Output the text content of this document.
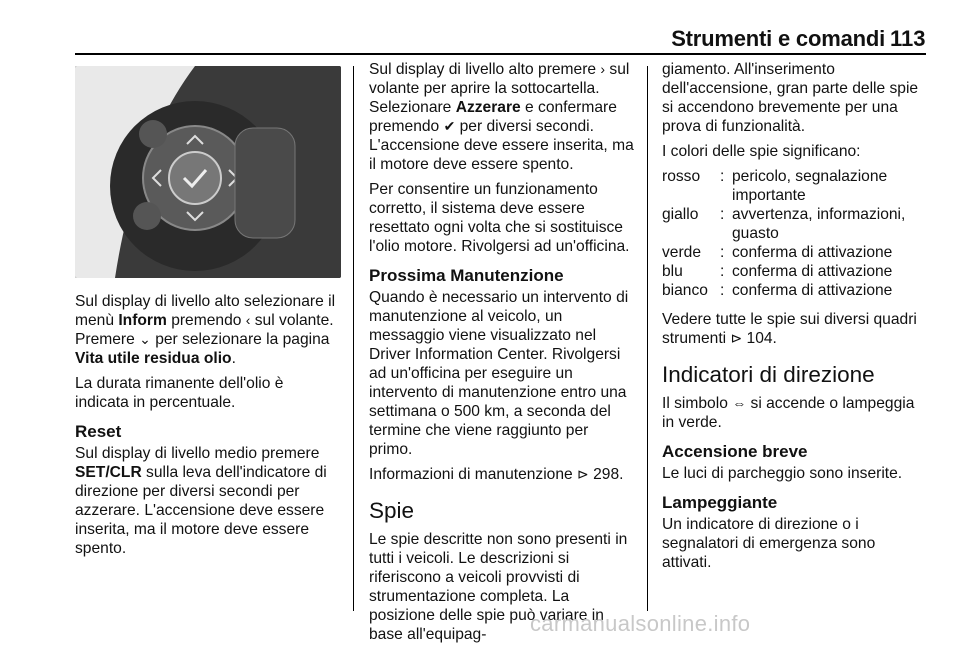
Strumenti e comandi 113

Sul display di livello alto selezionare il menù Inform premendo ‹ sul volante. Premere ⌄ per selezionare la pagina Vita utile residua olio.

La durata rimanente dell'olio è indicata in percentuale.

Reset

Sul display di livello medio premere SET/CLR sulla leva dell'indicatore di direzione per diversi secondi per azzerare. L'accensione deve essere inserita, ma il motore deve essere spento.

Sul display di livello alto premere › sul volante per aprire la sottocartella. Selezionare Azzerare e confermare premendo ✔ per diversi secondi. L'accensione deve essere inserita, ma il motore deve essere spento.

Per consentire un funzionamento corretto, il sistema deve essere resettato ogni volta che si sostituisce l'olio motore. Rivolgersi ad un'officina.

Prossima Manutenzione

Quando è necessario un intervento di manutenzione al veicolo, un messaggio viene visualizzato nel Driver Information Center. Rivolgersi ad un'officina per eseguire un intervento di manutenzione entro una settimana o 500 km, a seconda del termine che viene raggiunto per primo.

Informazioni di manutenzione ⊳ 298.

Spie

Le spie descritte non sono presenti in tutti i veicoli. Le descrizioni si riferiscono a veicoli provvisti di strumentazione completa. La posizione delle spie può variare in base all'equipag-

giamento. All'inserimento dell'accensione, gran parte delle spie si accendono brevemente per una prova di funzionalità.

I colori delle spie significano:

rosso	: pericolo, segnalazione importante
giallo	: avvertenza, informazioni, guasto
verde	: conferma di attivazione
blu	: conferma di attivazione
bianco : conferma di attivazione

Vedere tutte le spie sui diversi quadri strumenti ⊳ 104.

Indicatori di direzione

Il simbolo ⇔ si accende o lampeggia in verde.

Accensione breve

Le luci di parcheggio sono inserite.

Lampeggiante

Un indicatore di direzione o i segnalatori di emergenza sono attivati.

carmanualsonline.info
